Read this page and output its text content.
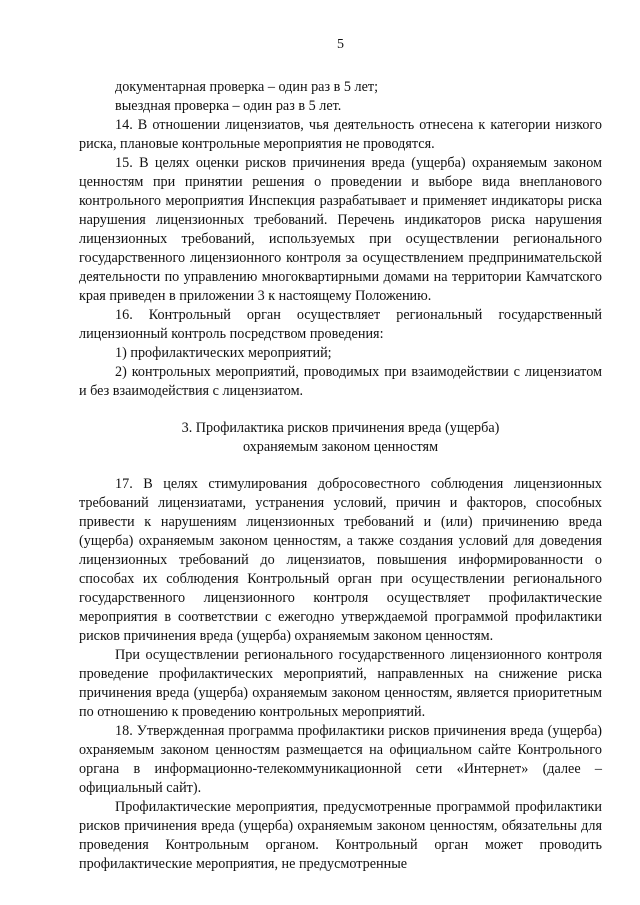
5

документарная проверка – один раз в 5 лет;

выездная проверка – один раз в 5 лет.

14. В отношении лицензиатов, чья деятельность отнесена к категории низкого риска, плановые контрольные мероприятия не проводятся.

15. В целях оценки рисков причинения вреда (ущерба) охраняемым законом ценностям при принятии решения о проведении и выборе вида внепланового контрольного мероприятия Инспекция разрабатывает и применяет индикаторы риска нарушения лицензионных требований. Перечень индикаторов риска нарушения лицензионных требований, используемых при осуществлении регионального государственного лицензионного контроля за осуществлением предпринимательской деятельности по управлению многоквартирными домами на территории Камчатского края приведен в приложении 3 к настоящему Положению.

16. Контрольный орган осуществляет региональный государственный лицензионный контроль посредством проведения:

1) профилактических мероприятий;

2) контрольных мероприятий, проводимых при взаимодействии с лицензиатом и без взаимодействия с лицензиатом.

3. Профилактика рисков причинения вреда (ущерба)
охраняемым законом ценностям

17. В целях стимулирования добросовестного соблюдения лицензионных требований лицензиатами, устранения условий, причин и факторов, способных привести к нарушениям лицензионных требований и (или) причинению вреда (ущерба) охраняемым законом ценностям, а также создания условий для доведения лицензионных требований до лицензиатов, повышения информированности о способах их соблюдения Контрольный орган при осуществлении регионального государственного лицензионного контроля осуществляет профилактические мероприятия в соответствии с ежегодно утверждаемой программой профилактики рисков причинения вреда (ущерба) охраняемым законом ценностям.

При осуществлении регионального государственного лицензионного контроля проведение профилактических мероприятий, направленных на снижение риска причинения вреда (ущерба) охраняемым законом ценностям, является приоритетным по отношению к проведению контрольных мероприятий.

18. Утвержденная программа профилактики рисков причинения вреда (ущерба) охраняемым законом ценностям размещается на официальном сайте Контрольного органа в информационно-телекоммуникационной сети «Интернет» (далее – официальный сайт).

Профилактические мероприятия, предусмотренные программой профилактики рисков причинения вреда (ущерба) охраняемым законом ценностям, обязательны для проведения Контрольным органом. Контрольный орган может проводить профилактические мероприятия, не предусмотренные
